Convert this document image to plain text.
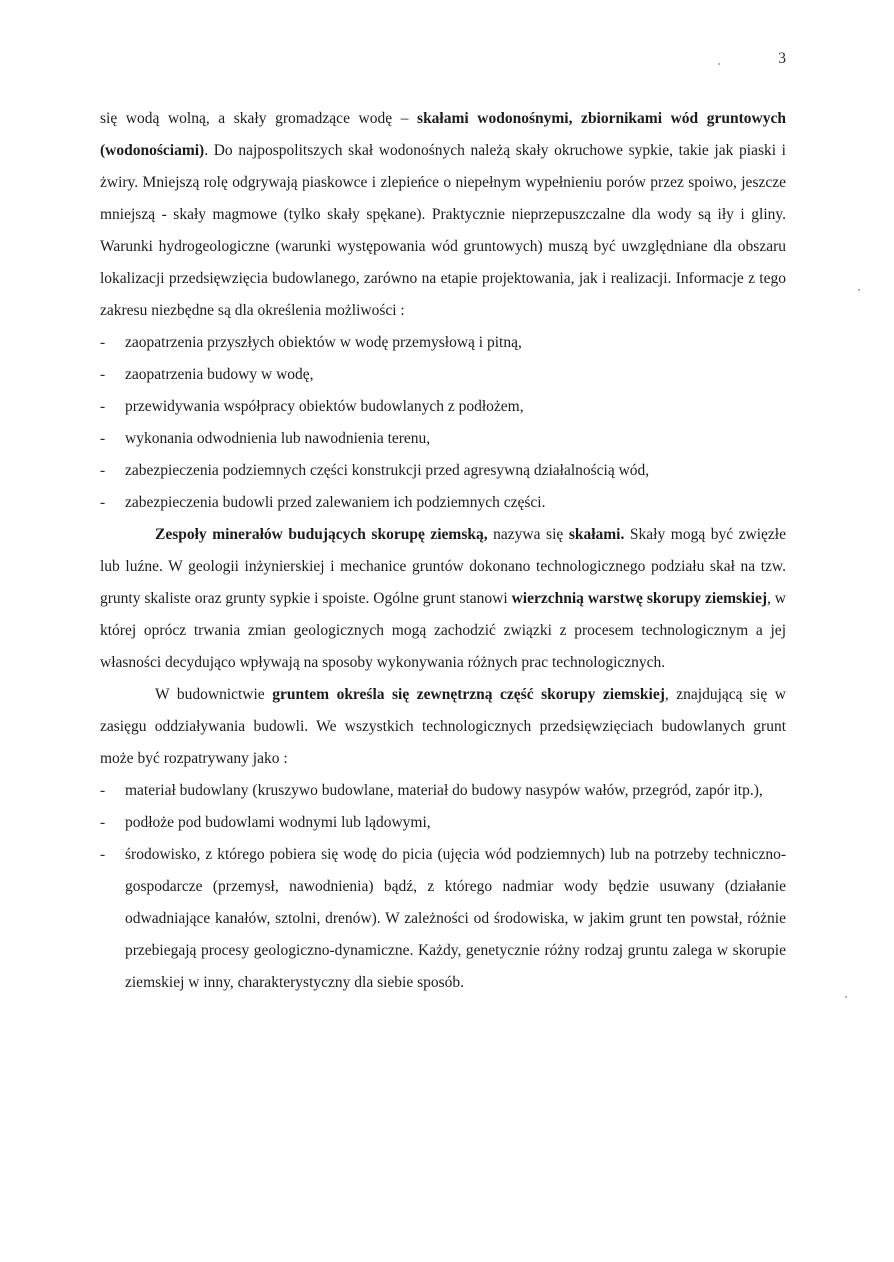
3

się wodą wolną, a skały gromadzące wodę – skałami wodonośnymi, zbiornikami wód gruntowych (wodonościami). Do najpospolitszych skał wodonośnych należą skały okruchowe sypkie, takie jak piaski i żwiry. Mniejszą rolę odgrywają piaskowce i zlepieńce o niepełnym wypełnieniu porów przez spoiwo, jeszcze mniejszą - skały magmowe (tylko skały spękane). Praktycznie nieprzepuszczalne dla wody są iły i gliny. Warunki hydrogeologiczne (warunki występowania wód gruntowych) muszą być uwzględniane dla obszaru lokalizacji przedsięwzięcia budowlanego, zarówno na etapie projektowania, jak i realizacji. Informacje z tego zakresu niezbędne są dla określenia możliwości :

- zaopatrzenia przyszłych obiektów w wodę przemysłową i pitną,
- zaopatrzenia budowy w wodę,
- przewidywania współpracy obiektów budowlanych z podłożem,
- wykonania odwodnienia lub nawodnienia terenu,
- zabezpieczenia podziemnych części konstrukcji przed agresywną działalnością wód,
- zabezpieczenia budowli przed zalewaniem ich podziemnych części.

Zespoły minerałów budujących skorupę ziemską, nazywa się skałami. Skały mogą być zwięzłe lub luźne. W geologii inżynierskiej i mechanice gruntów dokonano technologicznego podziału skał na tzw. grunty skaliste oraz grunty sypkie i spoiste. Ogólne grunt stanowi wierzchnią warstwę skorupy ziemskiej, w której oprócz trwania zmian geologicznych mogą zachodzić związki z procesem technologicznym a jej własności decydująco wpływają na sposoby wykonywania różnych prac technologicznych.

W budownictwie gruntem określa się zewnętrzną część skorupy ziemskiej, znajdującą się w zasięgu oddziaływania budowli. We wszystkich technologicznych przedsięwzięciach budowlanych grunt może być rozpatrywany jako :

- materiał budowlany (kruszywo budowlane, materiał do budowy nasypów wałów, przegród, zapór itp.),
- podłoże pod budowlami wodnymi lub lądowymi,
- środowisko, z którego pobiera się wodę do picia (ujęcia wód podziemnych) lub na potrzeby techniczno-gospodarcze (przemysł, nawodnienia) bądź, z którego nadmiar wody będzie usuwany (działanie odwadniające kanałów, sztolni, drenów). W zależności od środowiska, w jakim grunt ten powstał, różnie przebiegają procesy geologiczno-dynamiczne. Każdy, genetycznie różny rodzaj gruntu zalega w skorupie ziemskiej w inny, charakterystyczny dla siebie sposób.
